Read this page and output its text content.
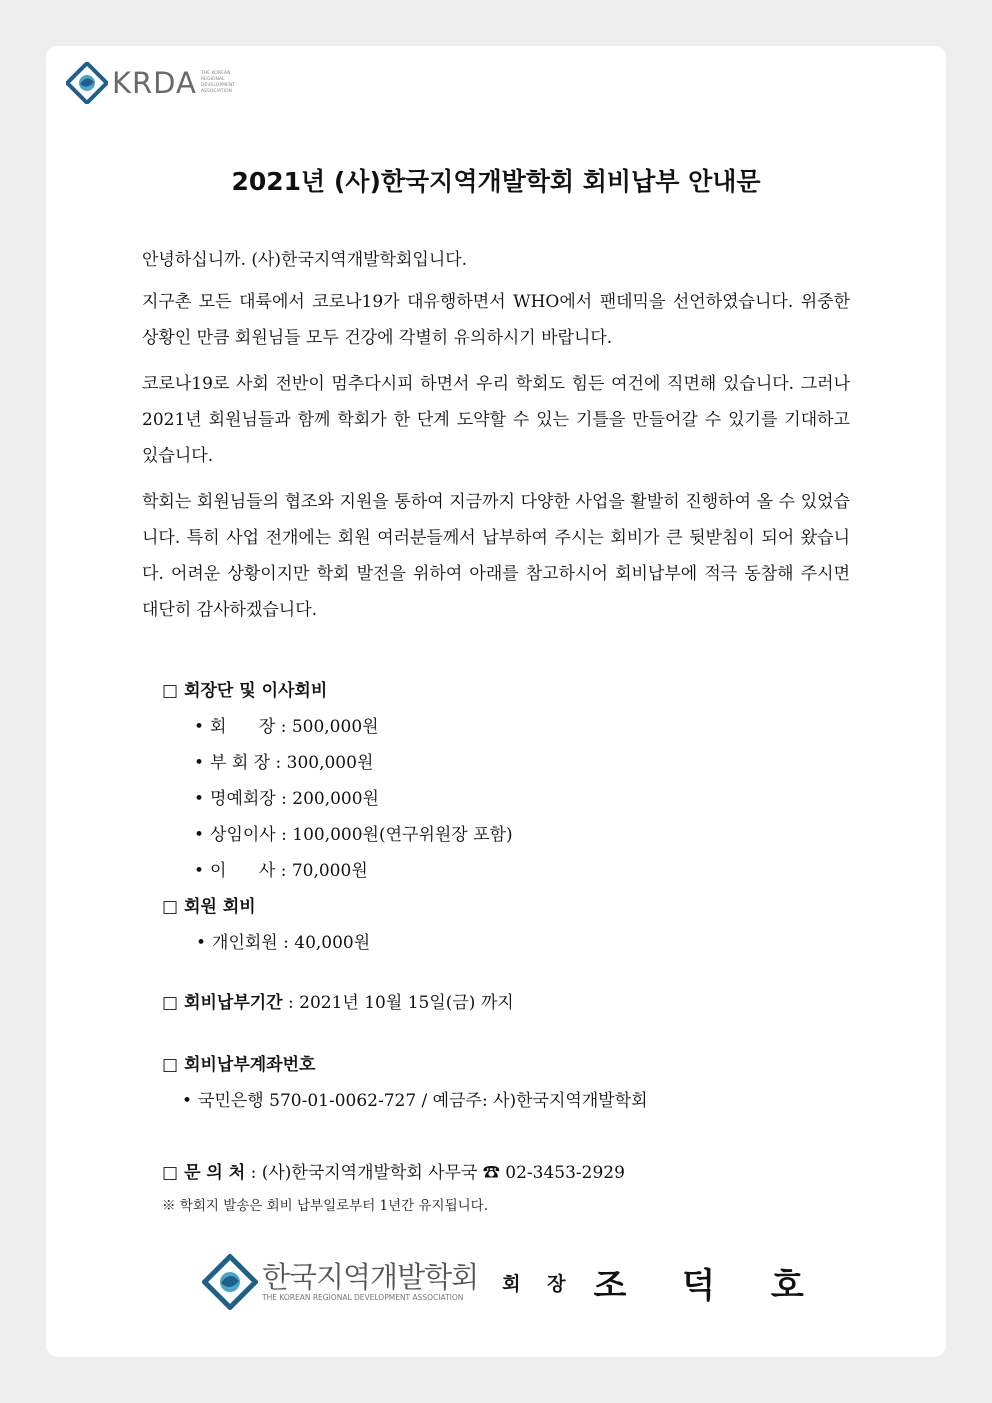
KRDA THE KOREAN REGIONAL DEVELOPMENT ASSOCIATION
2021년 (사)한국지역개발학회 회비납부 안내문

안녕하십니까. (사)한국지역개발학회입니다.

지구촌 모든 대륙에서 코로나19가 대유행하면서 WHO에서 팬데믹을 선언하였습니다. 위중한 상황인 만큼 회원님들 모두 건강에 각별히 유의하시기 바랍니다.

코로나19로 사회 전반이 멈추다시피 하면서 우리 학회도 힘든 여건에 직면해 있습니다. 그러나 2021년 회원님들과 함께 학회가 한 단계 도약할 수 있는 기틀을 만들어갈 수 있기를 기대하고 있습니다.

학회는 회원님들의 협조와 지원을 통하여 지금까지 다양한 사업을 활발히 진행하여 올 수 있었습니다. 특히 사업 전개에는 회원 여러분들께서 납부하여 주시는 회비가 큰 뒷받침이 되어 왔습니다. 어려운 상황이지만 학회 발전을 위하여 아래를 참고하시어 회비납부에 적극 동참해 주시면 대단히 감사하겠습니다.

□ 회장단 및 이사회비
• 회      장 : 500,000원
• 부 회 장 : 300,000원
• 명예회장 : 200,000원
• 상임이사 : 100,000원(연구위원장 포함)
• 이      사 : 70,000원
□ 회원 회비
• 개인회원 : 40,000원
□ 회비납부기간 : 2021년 10월 15일(금) 까지
□ 회비납부계좌번호
• 국민은행 570-01-0062-727 / 예금주: 사)한국지역개발학회
□ 문 의 처 : (사)한국지역개발학회 사무국 ☎ 02-3453-2929
※ 학회지 발송은 회비 납부일로부터 1년간 유지됩니다.
한국지역개발학회
THE KOREAN REGIONAL DEVELOPMENT ASSOCIATION
회 장 조 덕 호
